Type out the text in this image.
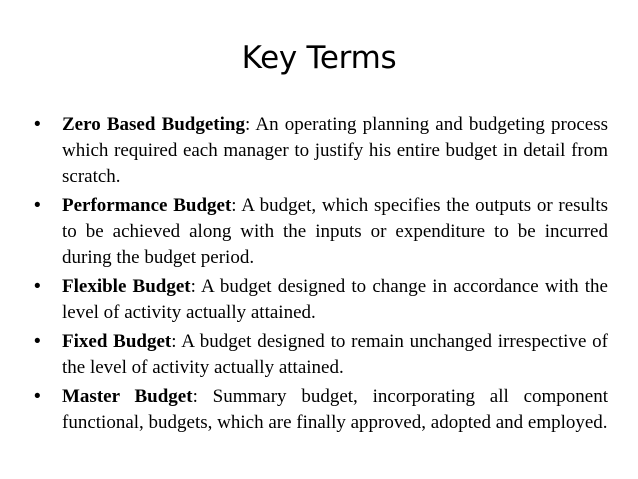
Key Terms
• Zero Based Budgeting: An operating planning and budgeting process which required each manager to justify his entire budget in detail from scratch.
• Performance Budget: A budget, which specifies the outputs or results to be achieved along with the inputs or expenditure to be incurred during the budget period.
• Flexible Budget: A budget designed to change in accordance with the level of activity actually attained.
• Fixed Budget: A budget designed to remain unchanged irrespective of the level of activity actually attained.
• Master Budget: Summary budget, incorporating all component functional, budgets, which are finally approved, adopted and employed.
